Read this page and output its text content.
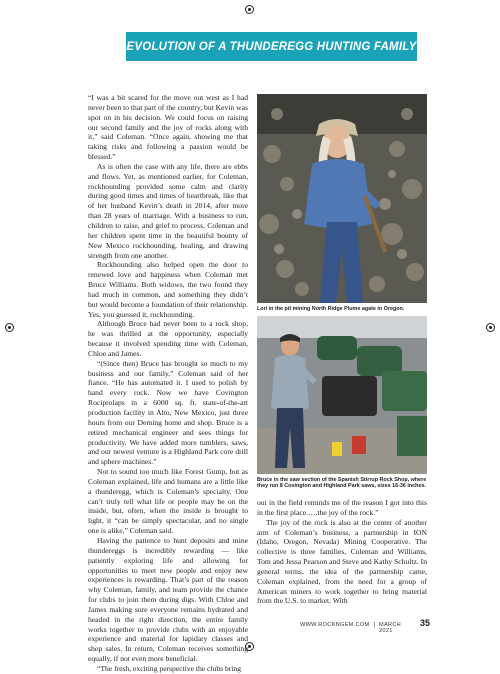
EVOLUTION OF A THUNDEREGG HUNTING FAMILY

“I was a bit scared for the move out west as I had never been to that part of the country, but Kevin was spot on in his decision. We could focus on raising our second family and the joy of rocks along with it,” said Coleman. “Once again, showing me that taking risks and following a passion would be blessed.”

As is often the case with any life, there are ebbs and flows. Yet, as mentioned earlier, for Coleman, rockhounding provided some calm and clarity during good times and times of heartbreak, like that of her husband Kevin’s death in 2014, after more than 28 years of marriage. With a business to run, children to raise, and grief to process, Coleman and her children spent time in the beautiful bounty of New Mexico rockhounding, healing, and drawing strength from one another.

Rockhounding also helped open the door to renewed love and happiness when Coleman met Bruce Williams. Both widows, the two found they had much in common, and something they didn’t but would become a foundation of their relationship. Yes, you guessed it, rockhounding.

Although Bruce had never been to a rock shop, he was thrilled at the opportunity, especially because it involved spending time with Coleman, Chloe and James.

“(Since then) Bruce has brought so much to my business and our family,” Coleman said of her fiance. “He has automated it. I used to polish by hand every rock. Now we have Covington Rociprolaps in a 6000 sq. ft. state-of-the-art production facility in Alto, New Mexico, just three hours from our Deming home and shop. Bruce is a retired mechanical engineer and sees things for productivity. We have added more tumblers, saws, and our newest venture is a Highland Park core drill and sphere machines.”

Not to sound too much like Forest Gump, but as Coleman explained, life and humans are a little like a thunderegg, which is Coleman’s specialty. One can’t truly tell what life or people may be on the inside, but, often, when the inside is brought to light, it “can be simply spectacular, and no single one is alike,” Coleman said.

Having the patience to hunt deposits and mine thundereggs is incredibly rewarding — like patiently exploring life and allowing for opportunities to meet new people and enjoy new experiences is rewarding. That’s part of the reason why Coleman, family, and team provide the chance for clubs to join them during digs. With Chloe and James making sure everyone remains hydrated and headed in the right direction, the entire family works together to provide clubs with an enjoyable experience and material for lapidary classes and shop sales. In return, Coleman receives something equally, if not even more beneficial.

“The fresh, exciting perspective the clubs bring

Lori in the pit mining North Ridge Plume agate in Oregon.
Bruce in the saw section of the Spanish Stirrup Rock Shop, where they run 8 Covington and Highland Park saws, sizes 16-36 inches.

out in the field reminds me of the reason I got into this in the first place.….the joy of the rock.”

The joy of the rock is also at the center of another arm of Coleman’s business, a partnership in ION (Idaho, Oregon, Nevada) Mining Cooperative. The collective is three families, Coleman and Williams, Tom and Jessa Pearson and Steve and Kathy Schultz. In general terms, the idea of the partnership came, Coleman explained, from the need for a group of American miners to work together to bring material from the U.S. to market. With

WWW.ROCKNGEM.COM | MARCH 2021
35
